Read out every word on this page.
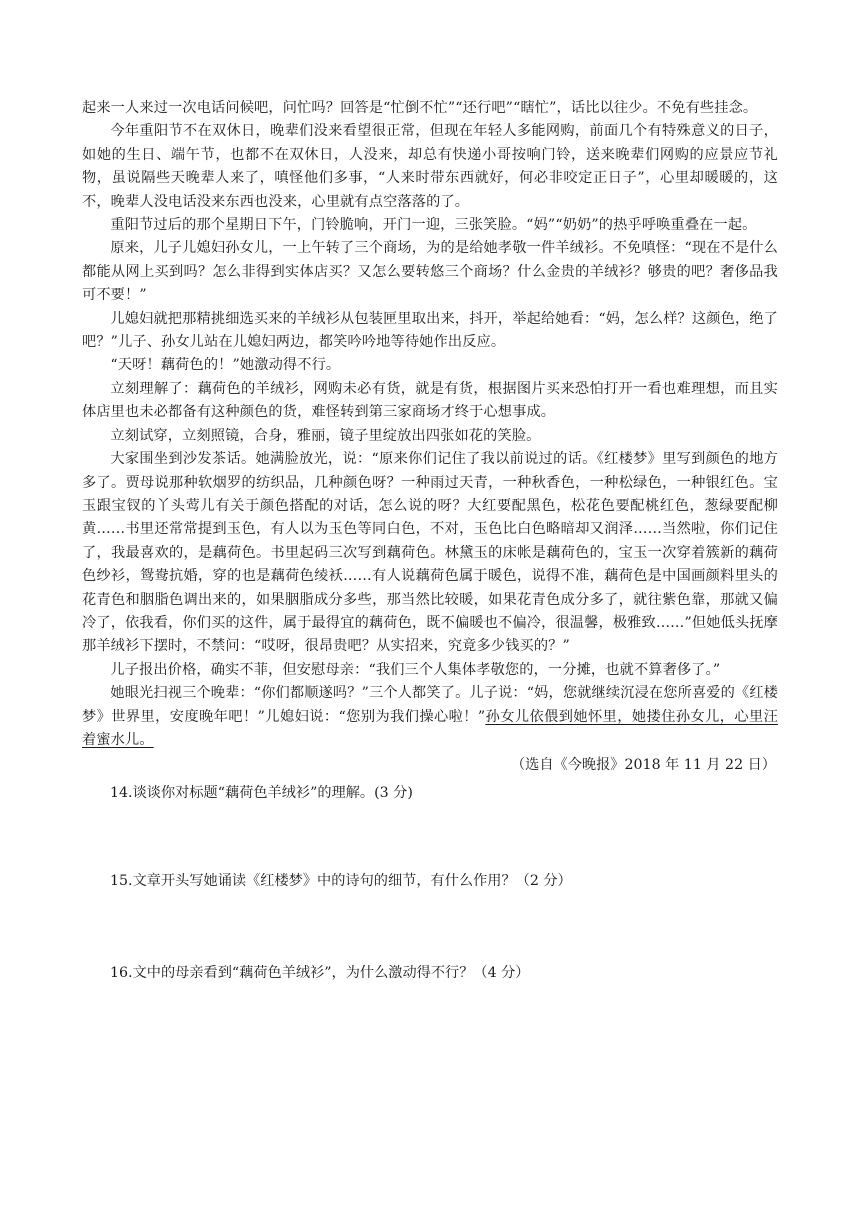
起来一人来过一次电话问候吧，问忙吗？回答是“忙倒不忙”“还行吧”“瞎忙”，话比以往少。不免有些挂念。

今年重阳节不在双休日，晚辈们没来看望很正常，但现在年轻人多能网购，前面几个有特殊意义的日子，如她的生日、端午节，也都不在双休日，人没来，却总有快递小哥按响门铃，送来晚辈们网购的应景应节礼物，虽说隔些天晚辈人来了，嗔怪他们多事，“人来时带东西就好，何必非咬定正日子”，心里却暖暖的，这不，晚辈人没电话没来东西也没来，心里就有点空落落的了。

重阳节过后的那个星期日下午，门铃脆响，开门一迎，三张笑脸。“妈”“奶奶”的热乎呼唤重叠在一起。

原来，儿子儿媳妇孙女儿，一上午转了三个商场，为的是给她孝敬一件羊绒衫。不免嗔怪：“现在不是什么都能从网上买到吗？怎么非得到实体店买？又怎么要转悠三个商场？什么金贵的羊绒衫？够贵的吧？奢侈品我可不要！”

儿媳妇就把那精挑细选买来的羊绒衫从包装匣里取出来，抖开，举起给她看：“妈，怎么样？这颜色，绝了吧？”儿子、孙女儿站在儿媳妇两边，都笑吟吟地等待她作出反应。

“天呀！藕荷色的！”她激动得不行。

立刻理解了：藕荷色的羊绒衫，网购未必有货，就是有货，根据图片买来恐怕打开一看也难理想，而且实体店里也未必都备有这种颜色的货，难怪转到第三家商场才终于心想事成。

立刻试穿，立刻照镜，合身，雅丽，镜子里绽放出四张如花的笑脸。

大家围坐到沙发茶话。她满脸放光，说：“原来你们记住了我以前说过的话。《红楼梦》里写到颜色的地方多了。贾母说那种软烟罗的纺织品，几种颜色呀？一种雨过天青，一种秋香色，一种松绿色，一种银红色。宝玉跟宝钗的丫头莺儿有关于颜色搭配的对话，怎么说的呀？大红要配黑色，松花色要配桃红色，葱绿要配柳黄……书里还常常提到玉色，有人以为玉色等同白色，不对，玉色比白色略暗却又润泽……当然啦，你们记住了，我最喜欢的，是藕荷色。书里起码三次写到藕荷色。林黛玉的床帐是藕荷色的，宝玉一次穿着簇新的藕荷色纱衫，鸳鸯抗婚，穿的也是藕荷色绫袄……有人说藕荷色属于暖色，说得不准，藕荷色是中国画颜料里头的花青色和胭脂色调出来的，如果胭脂成分多些，那当然比较暖，如果花青色成分多了，就往紫色靠，那就又偏冷了，依我看，你们买的这件，属于最得宜的藕荷色，既不偏暖也不偏冷，很温馨，极雅致……”但她低头抚摩那羊绒衫下摆时，不禁问：“哎呀，很昂贵吧？从实招来，究竟多少钱买的？”

儿子报出价格，确实不菲，但安慰母亲：“我们三个人集体孝敬您的，一分摊，也就不算奢侈了。”

她眼光扫视三个晚辈：“你们都顺遂吗？”三个人都笑了。儿子说：“妈，您就继续沉浸在您所喜爱的《红楼梦》世界里，安度晚年吧！”儿媳妇说：“您别为我们操心啦！”孙女儿依偎到她怀里，她搂住孙女儿，心里汪着蜜水儿。

（选自《今晚报》2018 年 11 月 22 日）

14.谈谈你对标题“藕荷色羊绒衫”的理解。(3 分)

15.文章开头写她诵读《红楼梦》中的诗句的细节，有什么作用？（2 分）

16.文中的母亲看到“藕荷色羊绒衫”，为什么激动得不行？（4 分）
